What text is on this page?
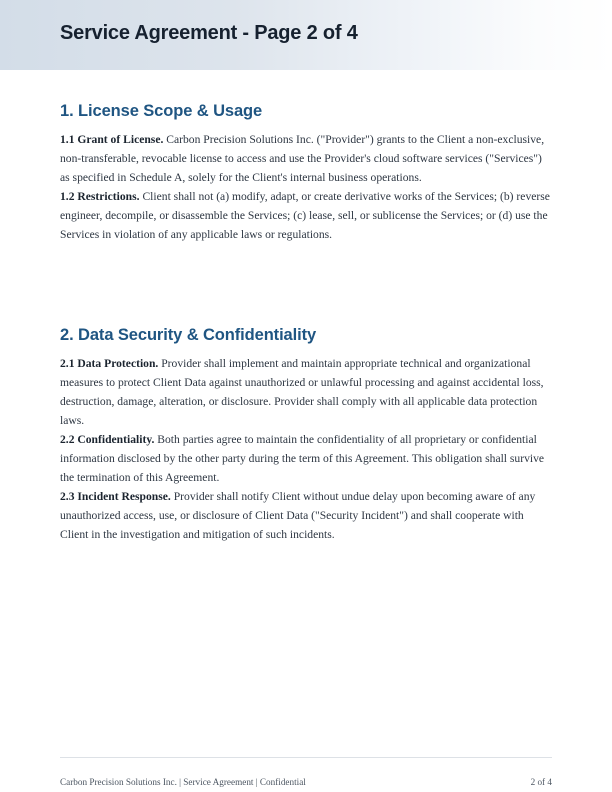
Service Agreement - Page 2 of 4
1. License Scope & Usage

1.1 Grant of License. Carbon Precision Solutions Inc. ("Provider") grants to the Client a non-exclusive, non-transferable, revocable license to access and use the Provider's cloud software services ("Services") as specified in Schedule A, solely for the Client's internal business operations.

1.2 Restrictions. Client shall not (a) modify, adapt, or create derivative works of the Services; (b) reverse engineer, decompile, or disassemble the Services; (c) lease, sell, or sublicense the Services; or (d) use the Services in violation of any applicable laws or regulations.

2. Data Security & Confidentiality

2.1 Data Protection. Provider shall implement and maintain appropriate technical and organizational measures to protect Client Data against unauthorized or unlawful processing and against accidental loss, destruction, damage, alteration, or disclosure. Provider shall comply with all applicable data protection laws.

2.2 Confidentiality. Both parties agree to maintain the confidentiality of all proprietary or confidential information disclosed by the other party during the term of this Agreement. This obligation shall survive the termination of this Agreement.

2.3 Incident Response. Provider shall notify Client without undue delay upon becoming aware of any unauthorized access, use, or disclosure of Client Data ("Security Incident") and shall cooperate with Client in the investigation and mitigation of such incidents.

Carbon Precision Solutions Inc. | Service Agreement | Confidential	2 of 4
